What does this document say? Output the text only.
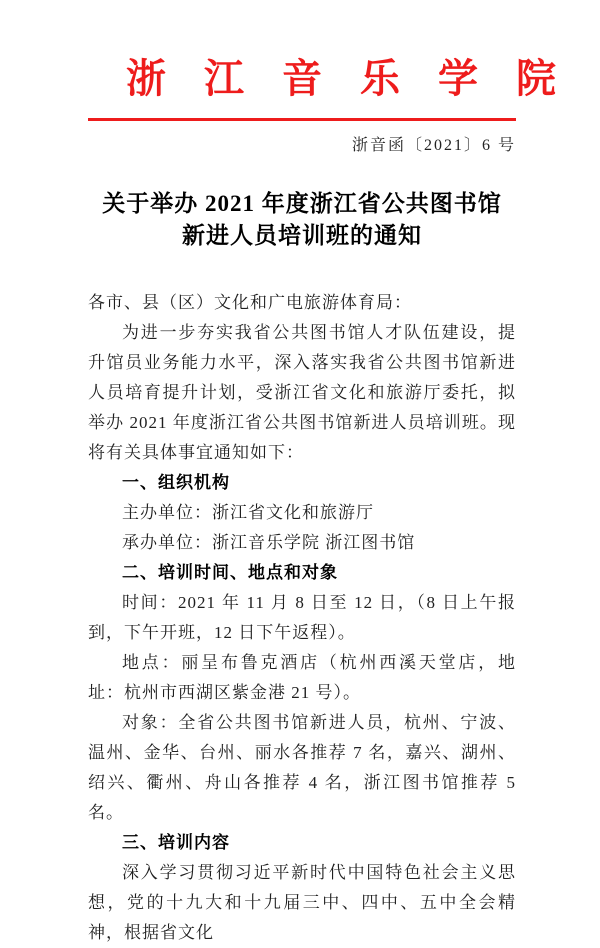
浙江音乐学院
浙音函〔2021〕6 号
关于举办 2021 年度浙江省公共图书馆
新进人员培训班的通知

各市、县（区）文化和广电旅游体育局：

为进一步夯实我省公共图书馆人才队伍建设，提升馆员业务能力水平，深入落实我省公共图书馆新进人员培育提升计划，受浙江省文化和旅游厅委托，拟举办 2021 年度浙江省公共图书馆新进人员培训班。现将有关具体事宜通知如下：

一、组织机构

主办单位：浙江省文化和旅游厅

承办单位：浙江音乐学院 浙江图书馆

二、培训时间、地点和对象

时间：2021 年 11 月 8 日至 12 日，（8 日上午报到，下午开班，12 日下午返程）。

地点：丽呈布鲁克酒店（杭州西溪天堂店，地址：杭州市西湖区紫金港 21 号）。

对象：全省公共图书馆新进人员，杭州、宁波、温州、金华、台州、丽水各推荐 7 名，嘉兴、湖州、绍兴、衢州、舟山各推荐 4 名，浙江图书馆推荐 5 名。

三、培训内容

深入学习贯彻习近平新时代中国特色社会主义思想，党的十九大和十九届三中、四中、五中全会精神，根据省文化
